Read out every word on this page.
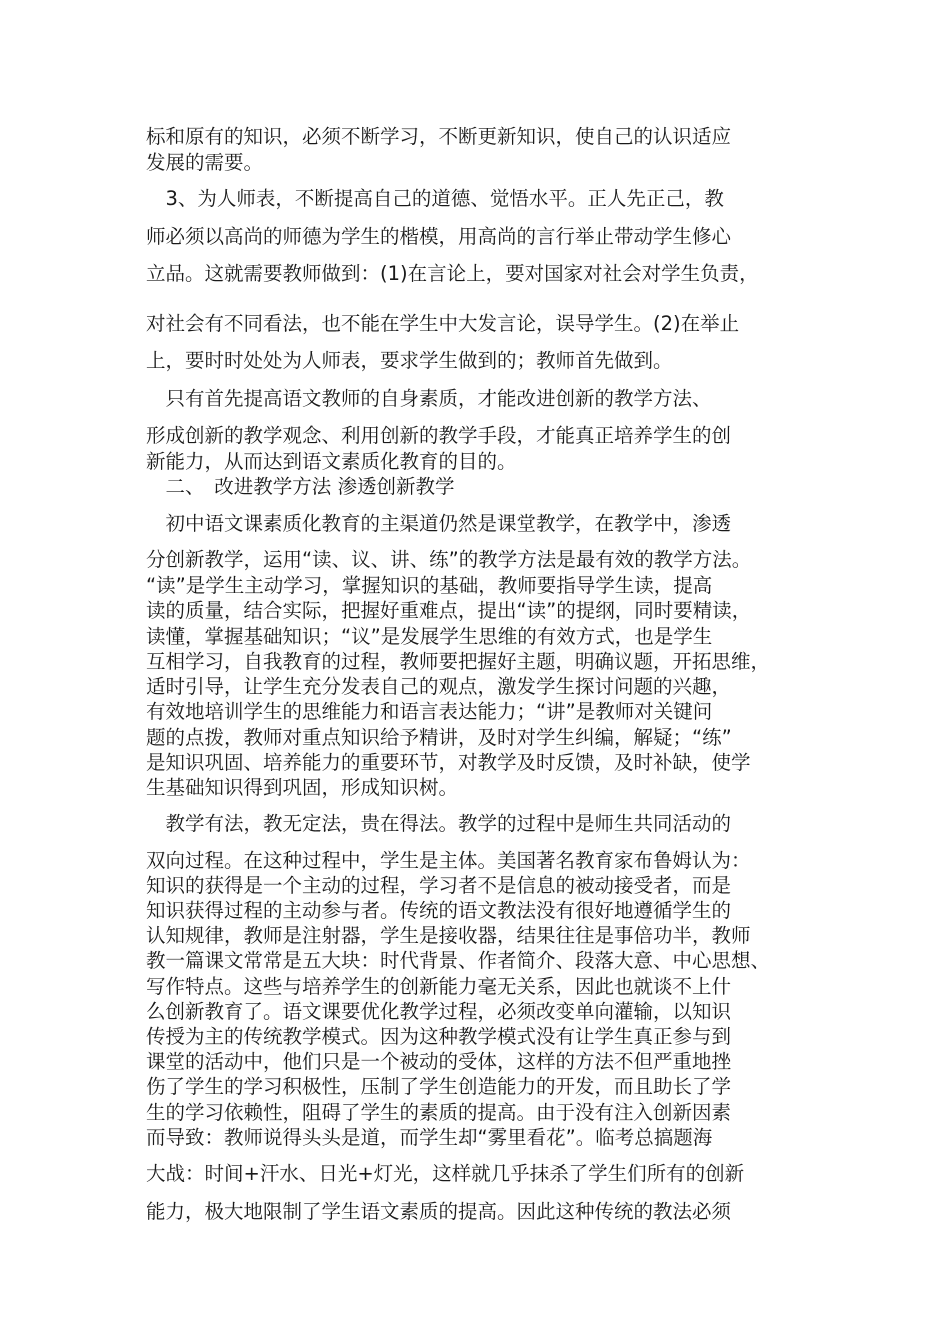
标和原有的知识，必须不断学习，不断更新知识，使自己的认识适应
发展的需要。
　3、为人师表，不断提高自己的道德、觉悟水平。正人先正己，教
师必须以高尚的师德为学生的楷模，用高尚的言行举止带动学生修心
立品。这就需要教师做到：(1)在言论上，要对国家对社会对学生负责，
对社会有不同看法，也不能在学生中大发言论，误导学生。(2)在举止
上，要时时处处为人师表，要求学生做到的；教师首先做到。
　只有首先提高语文教师的自身素质，才能改进创新的教学方法、
形成创新的教学观念、利用创新的教学手段，才能真正培养学生的创
新能力，从而达到语文素质化教育的目的。
　二、　改进教学方法 渗透创新教学
　初中语文课素质化教育的主渠道仍然是课堂教学，在教学中，渗透
分创新教学，运用“读、议、讲、练”的教学方法是最有效的教学方法。
“读”是学生主动学习，掌握知识的基础，教师要指导学生读，提高
读的质量，结合实际，把握好重难点，提出“读”的提纲，同时要精读，
读懂，掌握基础知识；“议”是发展学生思维的有效方式，也是学生
互相学习，自我教育的过程，教师要把握好主题，明确议题，开拓思维，
适时引导，让学生充分发表自己的观点，激发学生探讨问题的兴趣，
有效地培训学生的思维能力和语言表达能力；“讲”是教师对关键问
题的点拨，教师对重点知识给予精讲，及时对学生纠编，解疑；“练”
是知识巩固、培养能力的重要环节，对教学及时反馈，及时补缺，使学
生基础知识得到巩固，形成知识树。
　教学有法，教无定法，贵在得法。教学的过程中是师生共同活动的
双向过程。在这种过程中，学生是主体。美国著名教育家布鲁姆认为：
知识的获得是一个主动的过程，学习者不是信息的被动接受者，而是
知识获得过程的主动参与者。传统的语文教法没有很好地遵循学生的
认知规律，教师是注射器，学生是接收器，结果往往是事倍功半，教师
教一篇课文常常是五大块：时代背景、作者简介、段落大意、中心思想、
写作特点。这些与培养学生的创新能力毫无关系，因此也就谈不上什
么创新教育了。语文课要优化教学过程，必须改变单向灌输，以知识
传授为主的传统教学模式。因为这种教学模式没有让学生真正参与到
课堂的活动中，他们只是一个被动的受体，这样的方法不但严重地挫
伤了学生的学习积极性，压制了学生创造能力的开发，而且助长了学
生的学习依赖性，阻碍了学生的素质的提高。由于没有注入创新因素
而导致：教师说得头头是道，而学生却“雾里看花”。临考总搞题海
大战：时间+汗水、日光+灯光，这样就几乎抹杀了学生们所有的创新
能力，极大地限制了学生语文素质的提高。因此这种传统的教法必须
